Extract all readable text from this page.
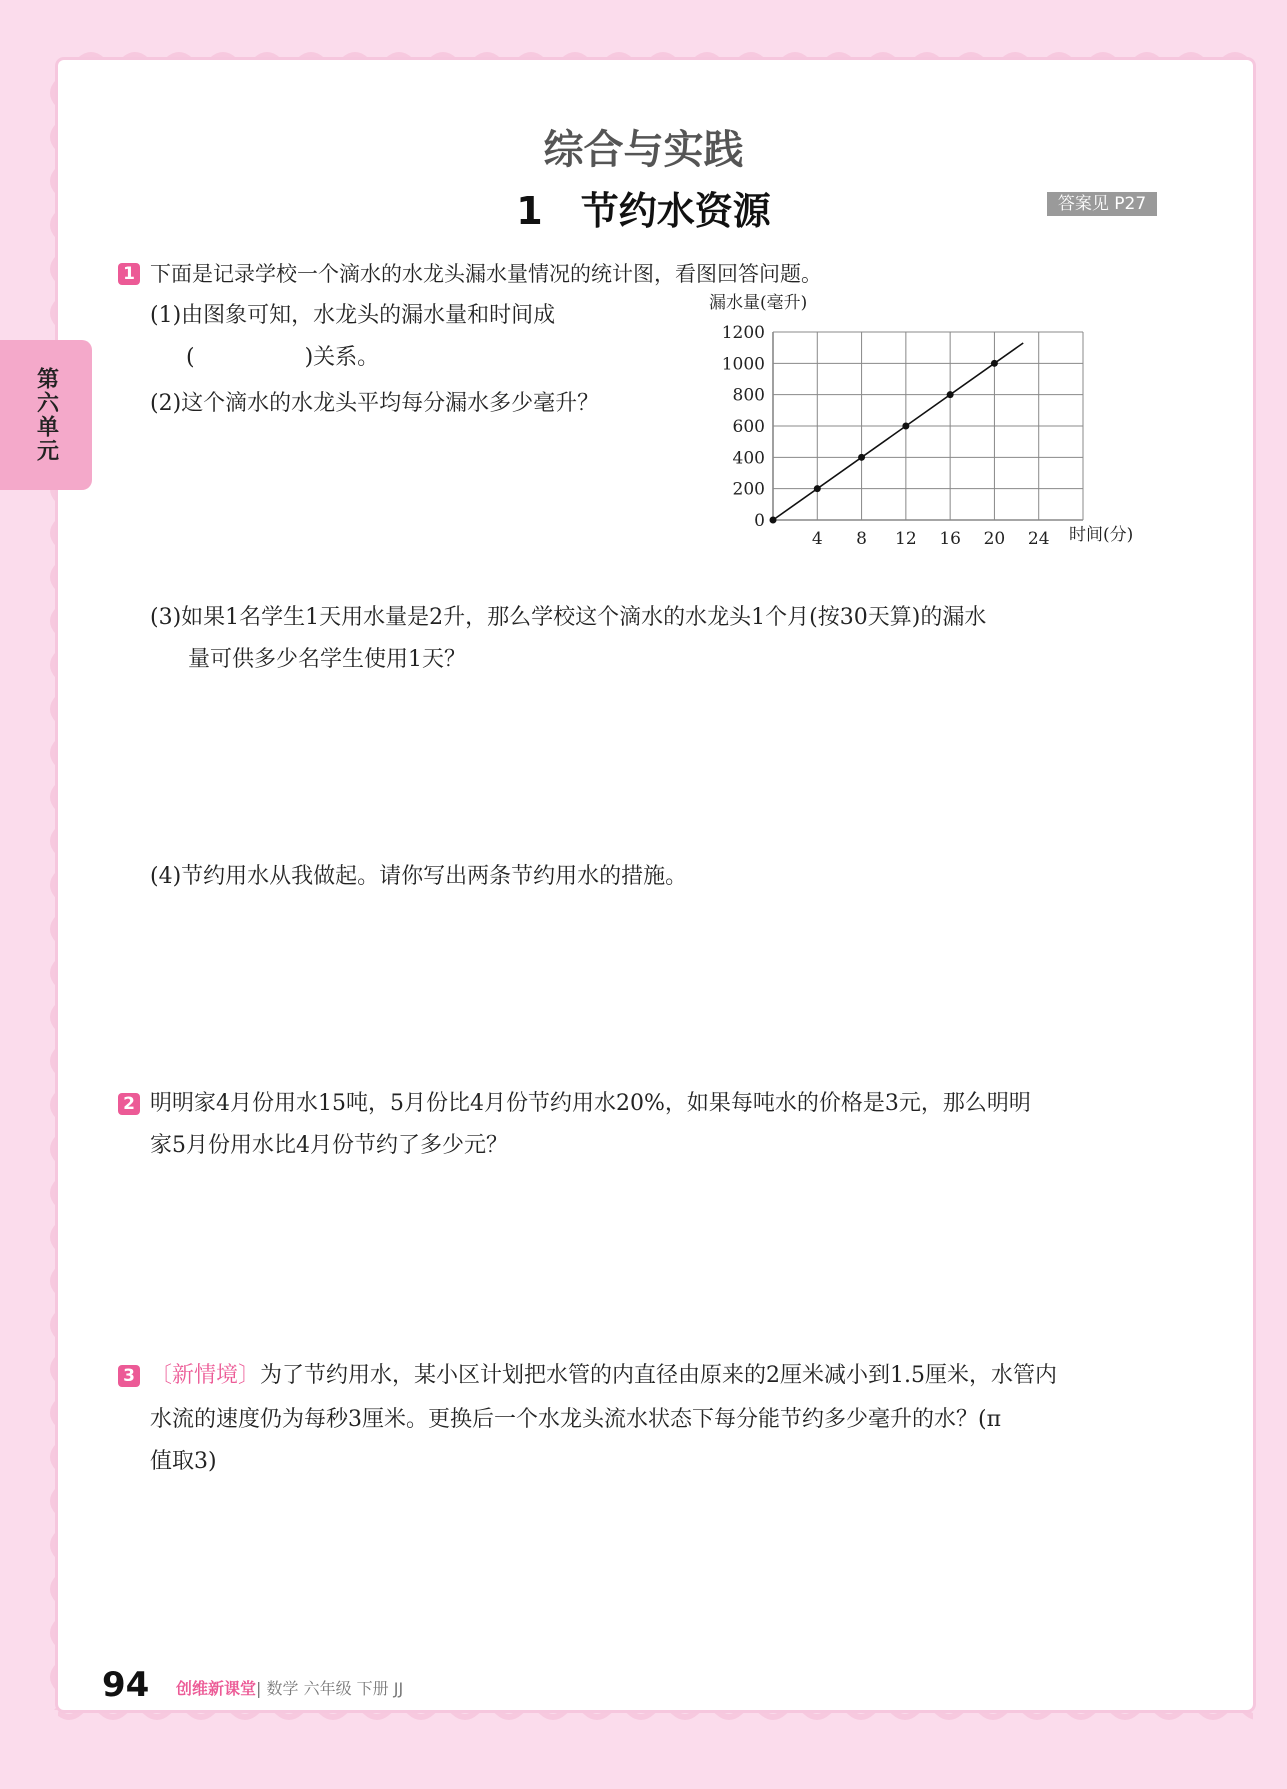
第六单元
综合与实践
1　节约水资源	答案见 P27
1 下面是记录学校一个滴水的水龙头漏水量情况的统计图，看图回答问题。
(1)由图象可知，水龙头的漏水量和时间成
(　　　　　)关系。
(2)这个滴水的水龙头平均每分漏水多少毫升？
漏水量(毫升)
0
200
400
600
800
1000
1200
4 8 12 16 20 24 时间(分)
(3)如果1名学生1天用水量是2升，那么学校这个滴水的水龙头1个月(按30天算)的漏水
量可供多少名学生使用1天？
(4)节约用水从我做起。请你写出两条节约用水的措施。
2 明明家4月份用水15吨，5月份比4月份节约用水20%，如果每吨水的价格是3元，那么明明
家5月份用水比4月份节约了多少元？
3 〔新情境〕为了节约用水，某小区计划把水管的内直径由原来的2厘米减小到1.5厘米，水管内
水流的速度仍为每秒3厘米。更换后一个水龙头流水状态下每分能节约多少毫升的水？(π
值取3)
94 创维新课堂| 数学 六年级 下册 JJ
